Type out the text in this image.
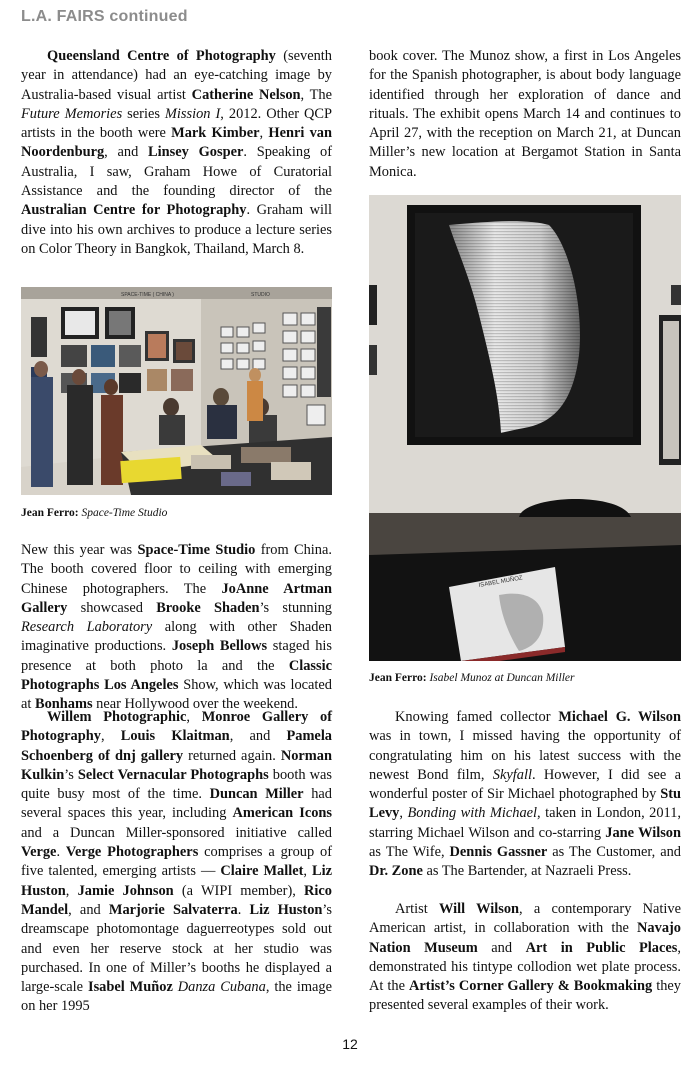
L.A. FAIRS continued

Queensland Centre of Photography (seventh year in attendance) had an eye-catching image by Australia-based visual artist Catherine Nelson, The Future Memories series Mission I, 2012. Other QCP artists in the booth were Mark Kimber, Henri van Noordenburg, and Linsey Gosper. Speaking of Australia, I saw, Graham Howe of Curatorial Assistance and the founding director of the Australian Centre for Photography. Graham will dive into his own archives to produce a lecture series on Color Theory in Bangkok, Thailand, March 8.

SPACE-TIME ( CHINA )	STUDIO
Jean Ferro: Space-Time Studio

New this year was Space-Time Studio from China. The booth covered floor to ceiling with emerging Chinese photographers. The JoAnne Artman Gallery showcased Brooke Shaden’s stunning Research Laboratory along with other Shaden imaginative productions. Joseph Bellows staged his presence at both photo la and the Classic Photographs Los Angeles Show, which was located at Bonhams near Hollywood over the weekend.

Willem Photographic, Monroe Gallery of Photography, Louis Klaitman, and Pamela Schoenberg of dnj gallery returned again. Norman Kulkin’s Select Vernacular Photographs booth was quite busy most of the time. Duncan Miller had several spaces this year, including American Icons and a Duncan Miller-sponsored initiative called Verge. Verge Photographers comprises a group of five talented, emerging artists — Claire Mallet, Liz Huston, Jamie Johnson (a WIPI member), Rico Mandel, and Marjorie Salvaterra. Liz Huston’s dreamscape photomontage daguerreotypes sold out and even her reserve stock at her studio was purchased. In one of Miller’s booths he displayed a large-scale Isabel Muñoz Danza Cubana, the image on her 1995

book cover. The Munoz show, a first in Los Angeles for the Spanish photographer, is about body language identified through her exploration of dance and rituals. The exhibit opens March 14 and continues to April 27, with the reception on March 21, at Duncan Miller’s new location at Bergamot Station in Santa Monica.

ISABEL MUÑOZ
Jean Ferro: Isabel Munoz at Duncan Miller

Knowing famed collector Michael G. Wilson was in town, I missed having the opportunity of congratulating him on his latest success with the newest Bond film, Skyfall. However, I did see a wonderful poster of Sir Michael photographed by Stu Levy, Bonding with Michael, taken in London, 2011, starring Michael Wilson and co-starring Jane Wilson as The Wife, Dennis Gassner as The Customer, and Dr. Zone as The Bartender, at Nazraeli Press.

Artist Will Wilson, a contemporary Native American artist, in collaboration with the Navajo Nation Museum and Art in Public Places, demonstrated his tintype collodion wet plate process. At the Artist’s Corner Gallery & Bookmaking they presented several examples of their work.

12
